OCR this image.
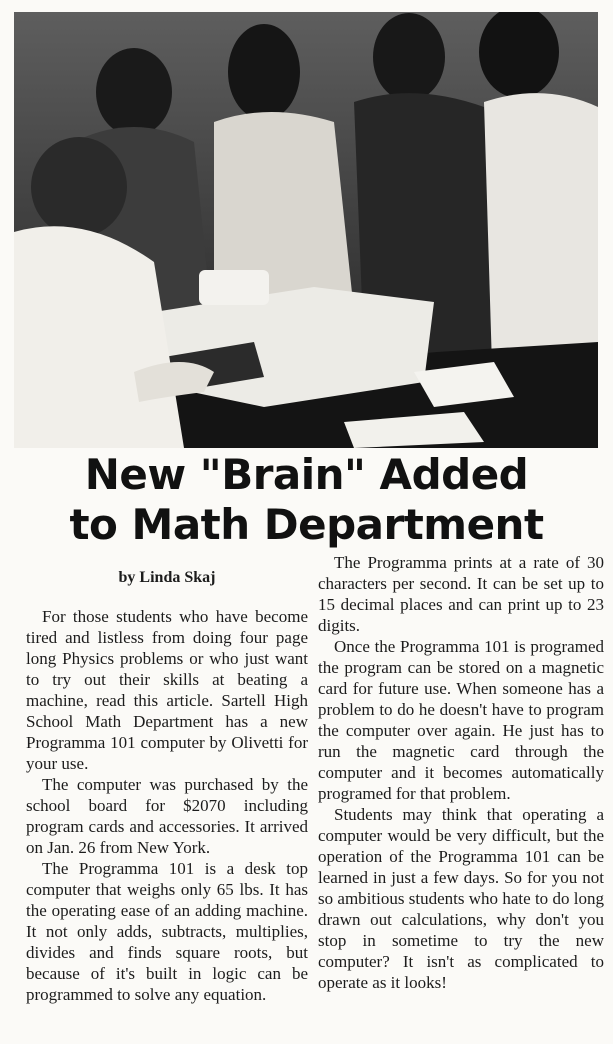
New "Brain" Added
to Math Department
by Linda Skaj

For those students who have become tired and listless from doing four page long Physics problems or who just want to try out their skills at beating a machine, read this article. Sartell High School Math Department has a new Programma 101 computer by Olivetti for your use.

The computer was purchased by the school board for $2070 including program cards and accessories. It arrived on Jan. 26 from New York.

The Programma 101 is a desk top computer that weighs only 65 lbs. It has the operating ease of an adding machine. It not only adds, subtracts, multiplies, divides and finds square roots, but because of it's built in logic can be programmed to solve any equation.

The Programma prints at a rate of 30 characters per second. It can be set up to 15 decimal places and can print up to 23 digits.

Once the Programma 101 is programed the program can be stored on a magnetic card for future use. When someone has a problem to do he doesn't have to program the computer over again. He just has to run the magnetic card through the computer and it becomes automatically programed for that problem.

Students may think that operating a computer would be very difficult, but the operation of the Programma 101 can be learned in just a few days. So for you not so ambitious students who hate to do long drawn out calculations, why don't you stop in sometime to try the new computer? It isn't as complicated to operate as it looks!
